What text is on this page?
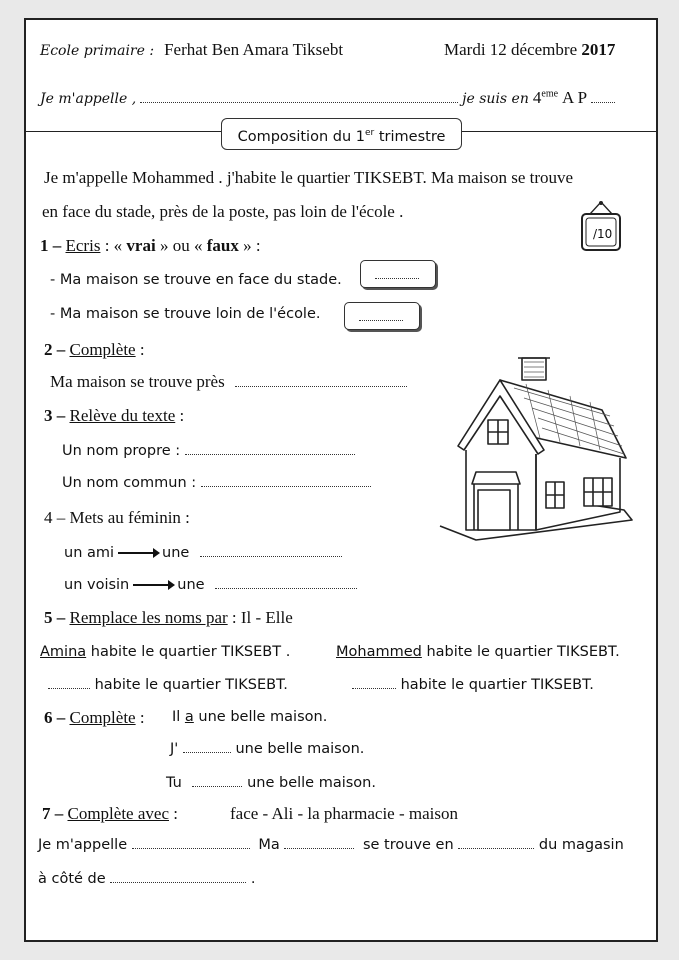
Ecole primaire : Ferhat Ben Amara Tiksebt	Mardi 12 décembre 2017
Je m'appelle ,	je suis en 4eme A P
Composition du 1er trimestre
Je m'appelle Mohammed . j'habite le quartier TIKSEBT. Ma maison se trouve
en face du stade, près de la poste, pas loin de l'école .
/10
1 – Ecris : « vrai » ou « faux » :
- Ma maison se trouve en face du stade.
- Ma maison se trouve loin de l'école.
2 – Complète :
Ma maison se trouve près
3 – Relève du texte :
Un nom propre :
Un nom commun :
4 – Mets au féminin :
un ami	une
un voisin	une
5 – Remplace les noms par : Il - Elle
Amina habite le quartier TIKSEBT .	Mohammed habite le quartier TIKSEBT.
habite le quartier TIKSEBT.	habite le quartier TIKSEBT.
6 – Complète : Il a une belle maison.
J'	une belle maison.
Tu	une belle maison.
7 – Complète avec :	face - Ali - la pharmacie - maison
Je m'appelle	Ma	se trouve en	du magasin
à côté de	.
